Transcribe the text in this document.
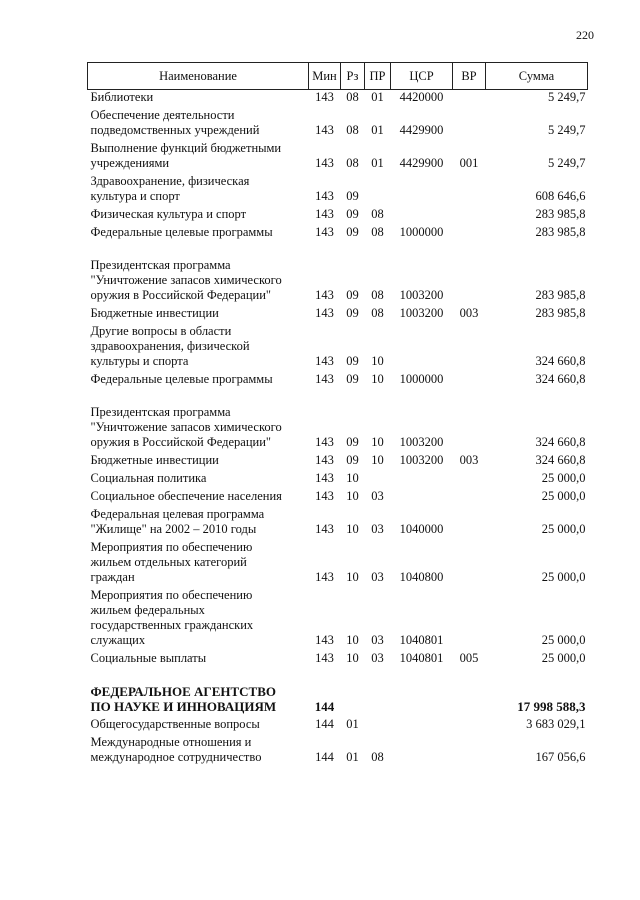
220
Наименование	Мин	Рз	ПР	ЦСР	ВР	Сумма

Библиотеки	143	08	01	4420000		5 249,7

Обеспечение деятельности
подведомственных учреждений	143	08	01	4429900		5 249,7

Выполнение функций бюджетными
учреждениями	143	08	01	4429900	001	5 249,7

Здравоохранение, физическая
культура и спорт	143	09				608 646,6

Физическая культура и спорт	143	09	08			283 985,8

Федеральные целевые программы	143	09	08	1000000		283 985,8

Президентская программа
"Уничтожение запасов химического
оружия в Российской Федерации"	143	09	08	1003200		283 985,8

Бюджетные инвестиции	143	09	08	1003200	003	283 985,8

Другие вопросы в области
здравоохранения, физической
культуры и спорта	143	09	10			324 660,8

Федеральные целевые программы	143	09	10	1000000		324 660,8

Президентская программа
"Уничтожение запасов химического
оружия в Российской Федерации"	143	09	10	1003200		324 660,8

Бюджетные инвестиции	143	09	10	1003200	003	324 660,8

Социальная политика	143	10				25 000,0

Социальное обеспечение населения	143	10	03			25 000,0

Федеральная целевая программа
"Жилище" на 2002 – 2010 годы	143	10	03	1040000		25 000,0

Мероприятия по обеспечению
жильем отдельных категорий
граждан	143	10	03	1040800		25 000,0

Мероприятия по обеспечению
жильем федеральных
государственных гражданских
служащих	143	10	03	1040801		25 000,0

Социальные выплаты	143	10	03	1040801	005	25 000,0

ФЕДЕРАЛЬНОЕ АГЕНТСТВО
ПО НАУКЕ И ИННОВАЦИЯМ	144					17 998 588,3

Общегосударственные вопросы	144	01				3 683 029,1

Международные отношения и
международное сотрудничество	144	01	08			167 056,6
